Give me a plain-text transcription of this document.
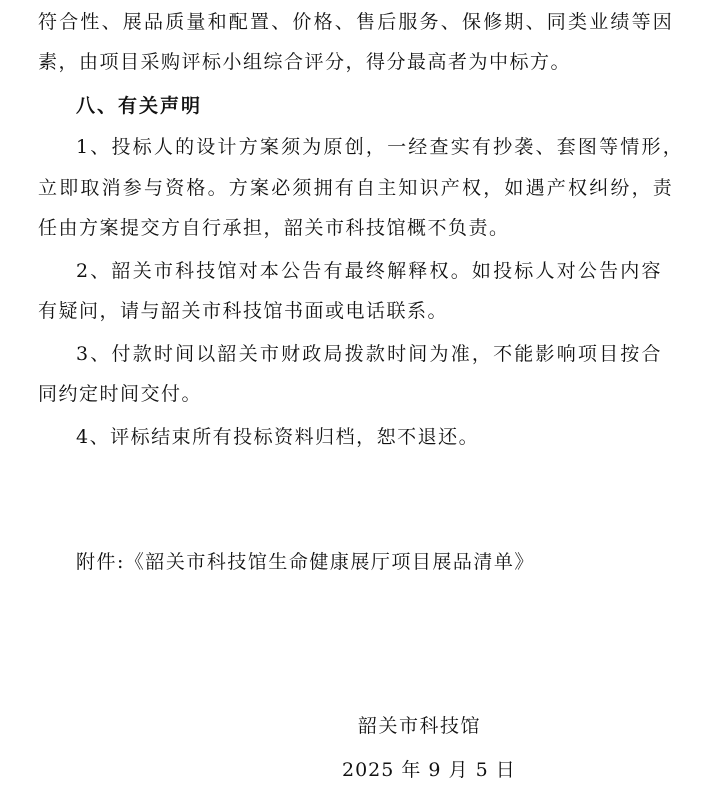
符合性、展品质量和配置、价格、售后服务、保修期、同类业绩等因
素，由项目采购评标小组综合评分，得分最高者为中标方。
八、有关声明
1、投标人的设计方案须为原创，一经查实有抄袭、套图等情形，
立即取消参与资格。方案必须拥有自主知识产权，如遇产权纠纷，责
任由方案提交方自行承担，韶关市科技馆概不负责。
2、韶关市科技馆对本公告有最终解释权。如投标人对公告内容
有疑问，请与韶关市科技馆书面或电话联系。
3、付款时间以韶关市财政局拨款时间为准，不能影响项目按合
同约定时间交付。
4、评标结束所有投标资料归档，恕不退还。
附件:《韶关市科技馆生命健康展厅项目展品清单》
韶关市科技馆
2025 年 9 月 5 日
